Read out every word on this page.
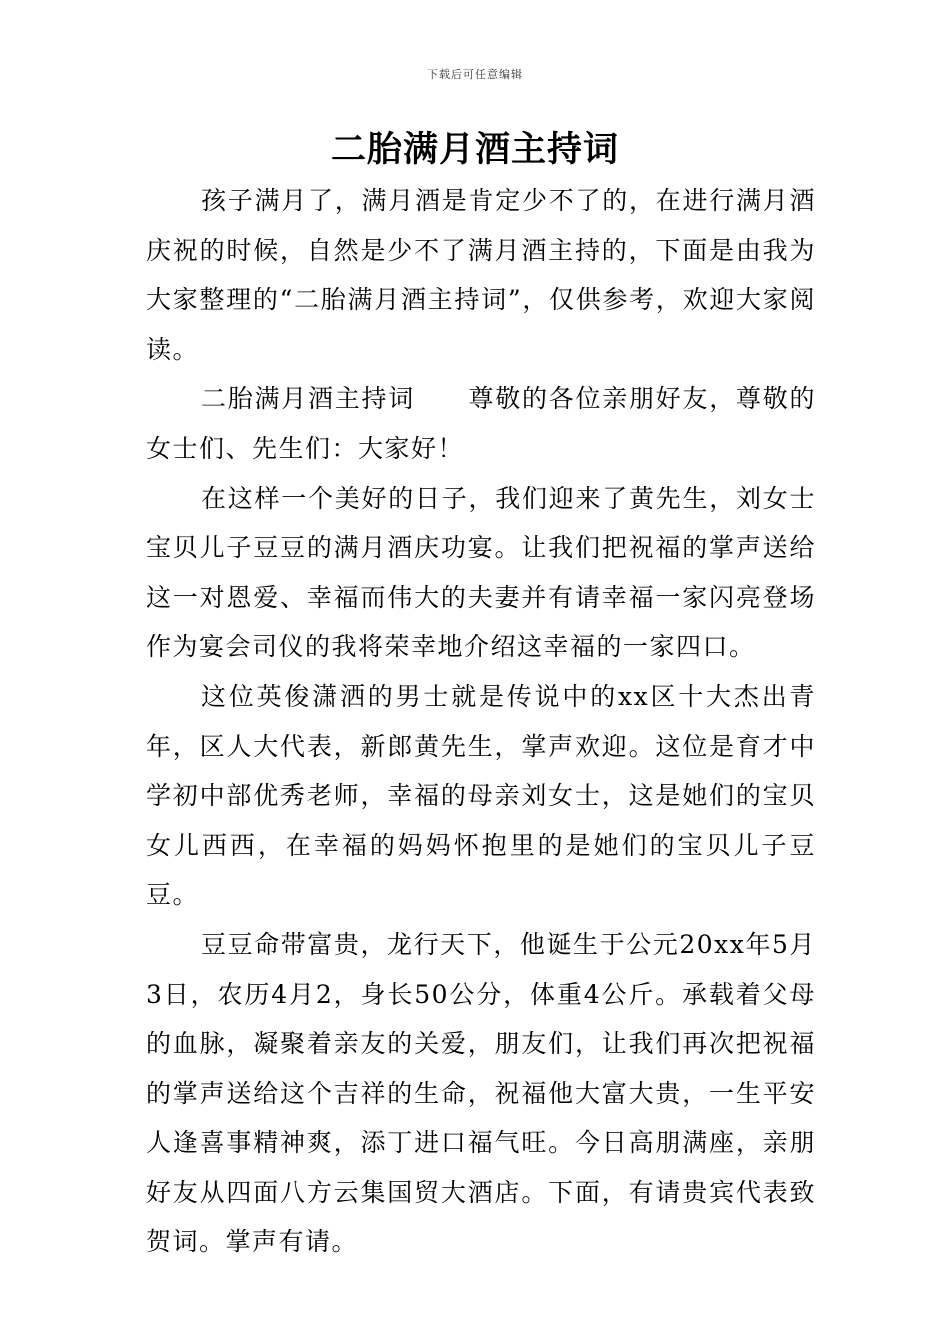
下载后可任意编辑
二胎满月酒主持词

孩子满月了，满月酒是肯定少不了的，在进行满月酒庆祝的时候，自然是少不了满月酒主持的，下面是由我为大家整理的“二胎满月酒主持词”，仅供参考，欢迎大家阅读。

二胎满月酒主持词　　尊敬的各位亲朋好友，尊敬的女士们、先生们：大家好！

在这样一个美好的日子，我们迎来了黄先生，刘女士宝贝儿子豆豆的满月酒庆功宴。让我们把祝福的掌声送给这一对恩爱、幸福而伟大的夫妻并有请幸福一家闪亮登场作为宴会司仪的我将荣幸地介绍这幸福的一家四口。

这位英俊潇洒的男士就是传说中的xx区十大杰出青年，区人大代表，新郎黄先生，掌声欢迎。这位是育才中学初中部优秀老师，幸福的母亲刘女士，这是她们的宝贝女儿西西，在幸福的妈妈怀抱里的是她们的宝贝儿子豆豆。

豆豆命带富贵，龙行天下，他诞生于公元20xx年5月3日，农历4月2，身长50公分，体重4公斤。承载着父母的血脉，凝聚着亲友的关爱，朋友们，让我们再次把祝福的掌声送给这个吉祥的生命，祝福他大富大贵，一生平安人逢喜事精神爽，添丁进口福气旺。今日高朋满座，亲朋好友从四面八方云集国贸大酒店。下面，有请贵宾代表致贺词。掌声有请。
